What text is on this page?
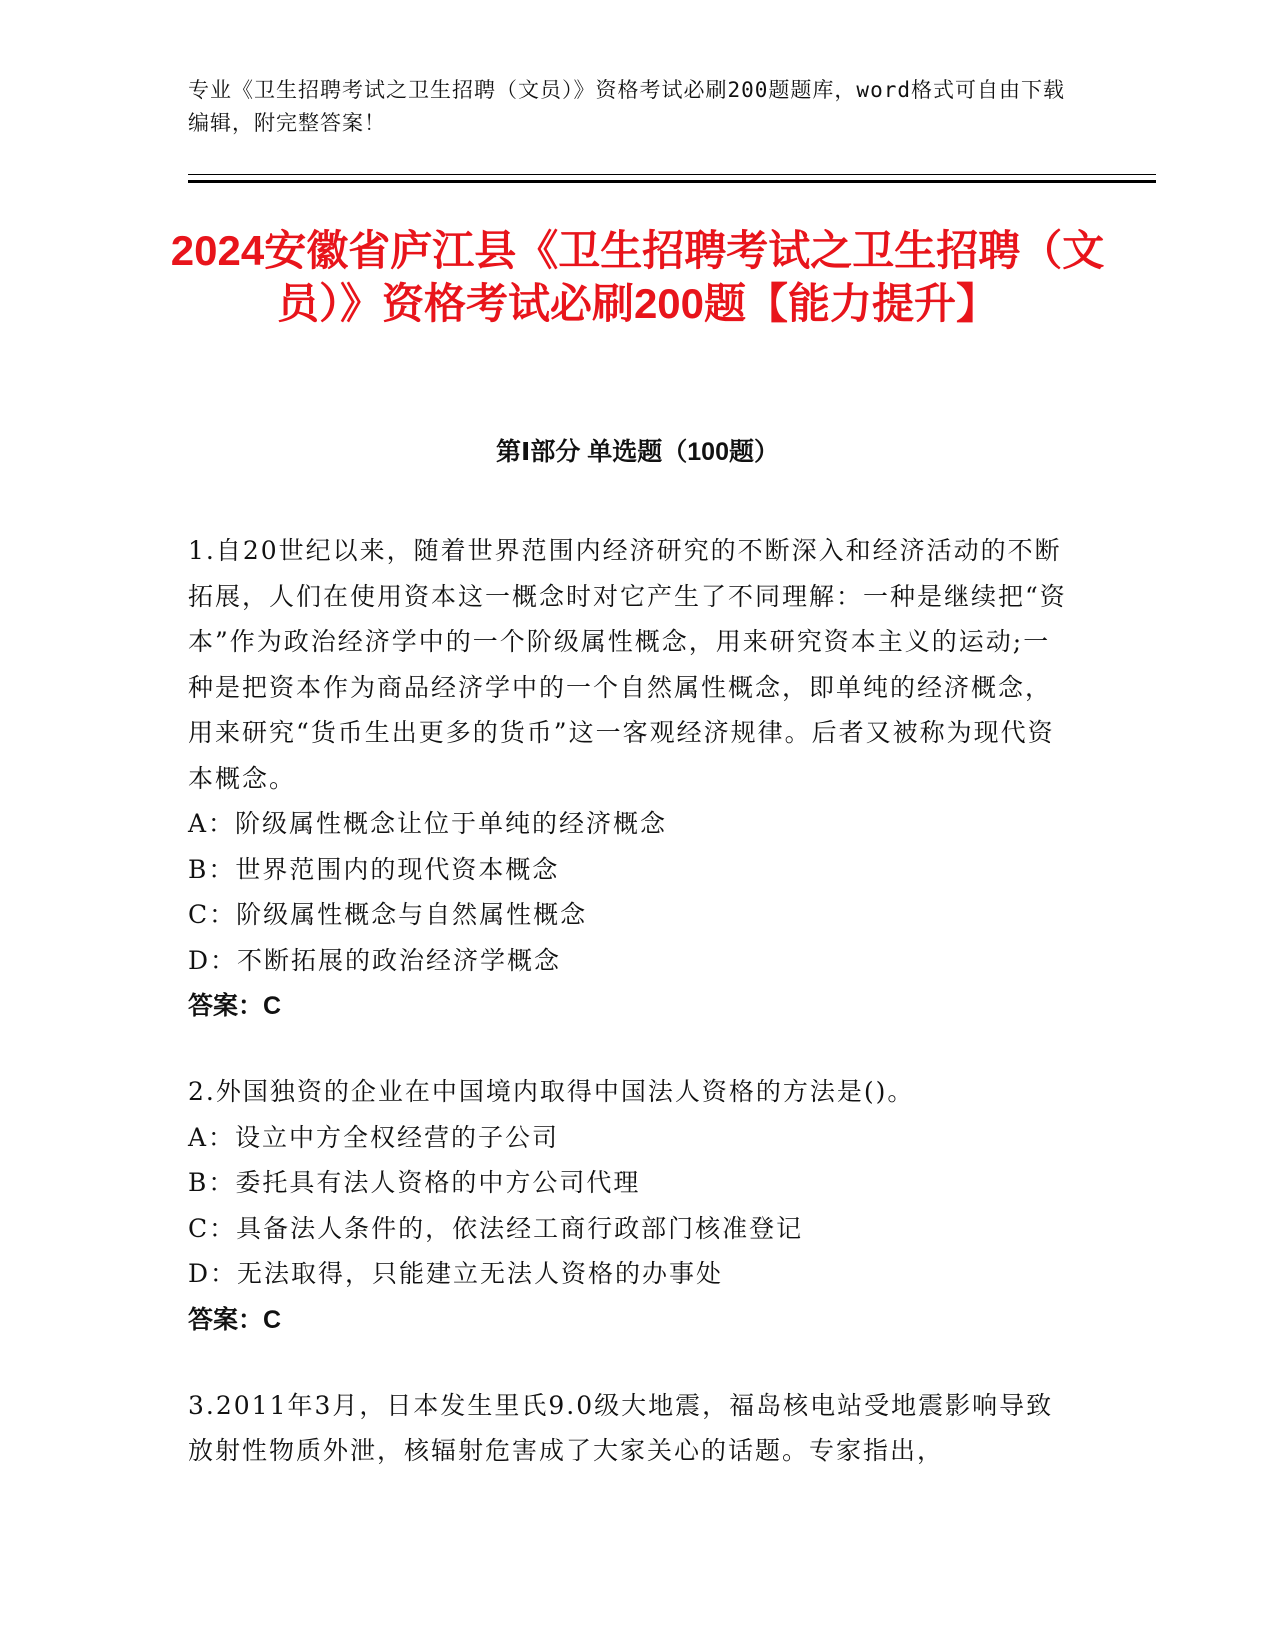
专业《卫生招聘考试之卫生招聘（文员）》资格考试必刷200题题库，word格式可自由下载编辑，附完整答案！
2024安徽省庐江县《卫生招聘考试之卫生招聘（文员）》资格考试必刷200题【能力提升】
第Ⅰ部分 单选题（100题）
1.自20世纪以来，随着世界范围内经济研究的不断深入和经济活动的不断拓展，人们在使用资本这一概念时对它产生了不同理解：一种是继续把“资本”作为政治经济学中的一个阶级属性概念，用来研究资本主义的运动;一种是把资本作为商品经济学中的一个自然属性概念，即单纯的经济概念，用来研究“货币生出更多的货币”这一客观经济规律。后者又被称为现代资本概念。
A：阶级属性概念让位于单纯的经济概念
B：世界范围内的现代资本概念
C：阶级属性概念与自然属性概念
D：不断拓展的政治经济学概念
答案：C
2.外国独资的企业在中国境内取得中国法人资格的方法是()。
A：设立中方全权经营的子公司
B：委托具有法人资格的中方公司代理
C：具备法人条件的，依法经工商行政部门核准登记
D：无法取得，只能建立无法人资格的办事处
答案：C
3.2011年3月，日本发生里氏9.0级大地震，福岛核电站受地震影响导致放射性物质外泄，核辐射危害成了大家关心的话题。专家指出，
